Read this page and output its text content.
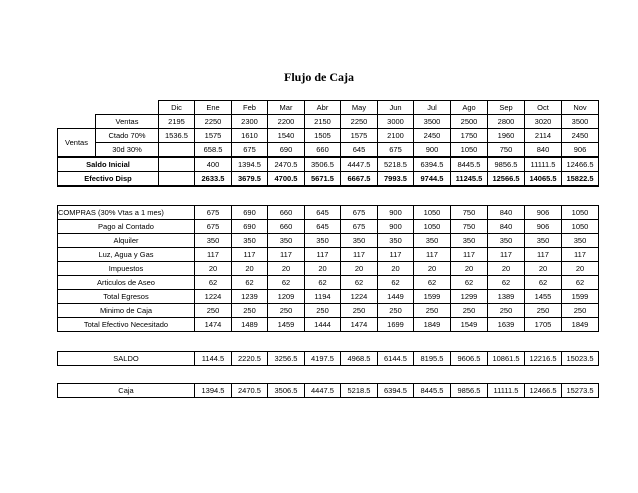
Flujo de Caja
		Dic	Ene	Feb	Mar	Abr	May	Jun	Jul	Ago	Sep	Oct	Nov
	Ventas	2195	2250	2300	2200	2150	2250	3000	3500	2500	2800	3020	3500
Ventas	Ctado 70%	1536.5	1575	1610	1540	1505	1575	2100	2450	1750	1960	2114	2450
	30d 30%		658.5	675	690	660	645	675	900	1050	750	840	906
Saldo Inicial			400	1394.5	2470.5	3506.5	4447.5	5218.5	6394.5	8445.5	9856.5	11111.5	12466.5
Efectivo Disp			2633.5	3679.5	4700.5	5671.5	6667.5	7993.5	9744.5	11245.5	12566.5	14065.5	15822.5
COMPRAS (30% Vtas a 1 mes)	675	690	660	645	675	900	1050	750	840	906	1050	
Pago al Contado	675	690	660	645	675	900	1050	750	840	906	1050	
Alquiler	350	350	350	350	350	350	350	350	350	350	350	
Luz, Agua y Gas	117	117	117	117	117	117	117	117	117	117	117	
Impuestos	20	20	20	20	20	20	20	20	20	20	20	
Articulos de Aseo	62	62	62	62	62	62	62	62	62	62	62	
Total Egresos	1224	1239	1209	1194	1224	1449	1599	1299	1389	1455	1599	
Minimo de Caja	250	250	250	250	250	250	250	250	250	250	250	
Total Efectivo Necesitado	1474	1489	1459	1444	1474	1699	1849	1549	1639	1705	1849	
SALDO	1144.5	2220.5	3256.5	4197.5	4968.5	6144.5	8195.5	9606.5	10861.5	12216.5	15023.5
Caja	1394.5	2470.5	3506.5	4447.5	5218.5	6394.5	8445.5	9856.5	11111.5	12466.5	15273.5
